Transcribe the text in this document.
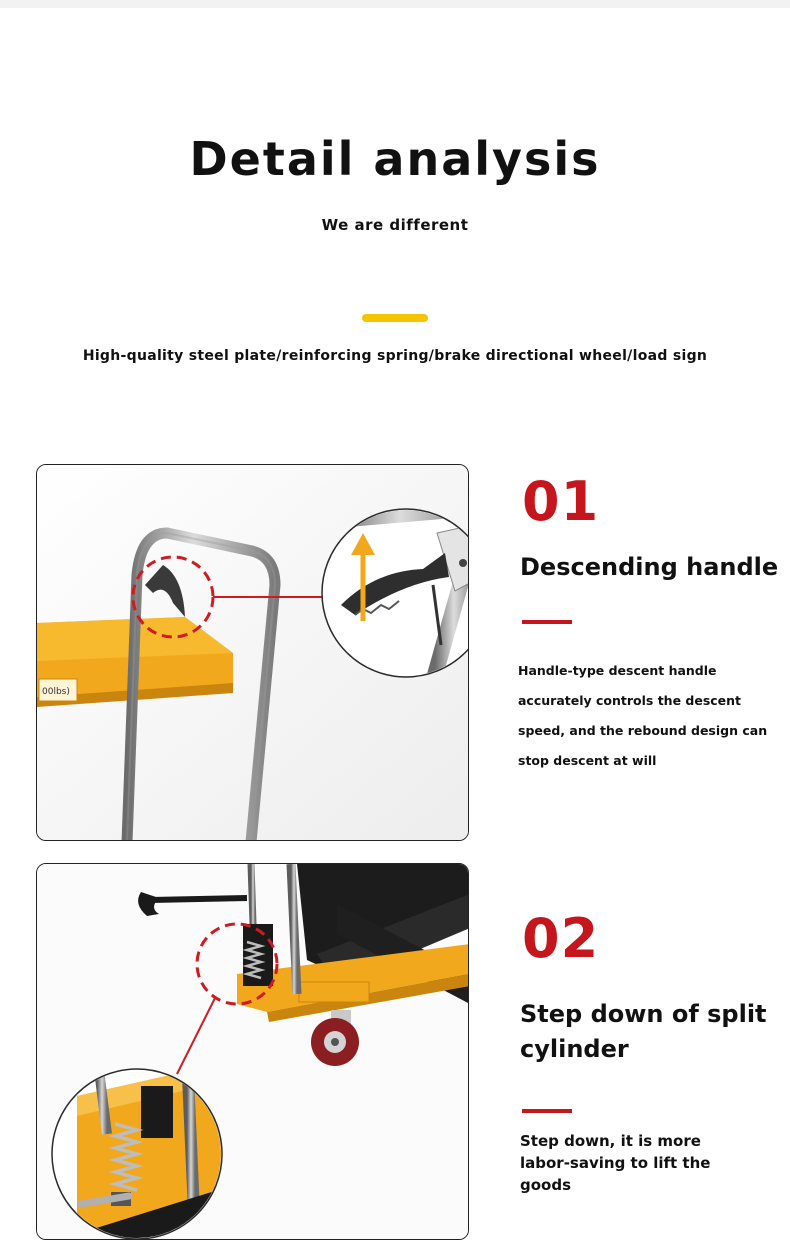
Detail analysis
We are different
High-quality steel plate/reinforcing spring/brake directional wheel/load sign
00lbs)
01
Descending handle
Handle-type descent handle accurately controls the descent speed, and the rebound design can stop descent at will
02
Step down of split cylinder
Step down, it is more labor-saving to lift the goods
